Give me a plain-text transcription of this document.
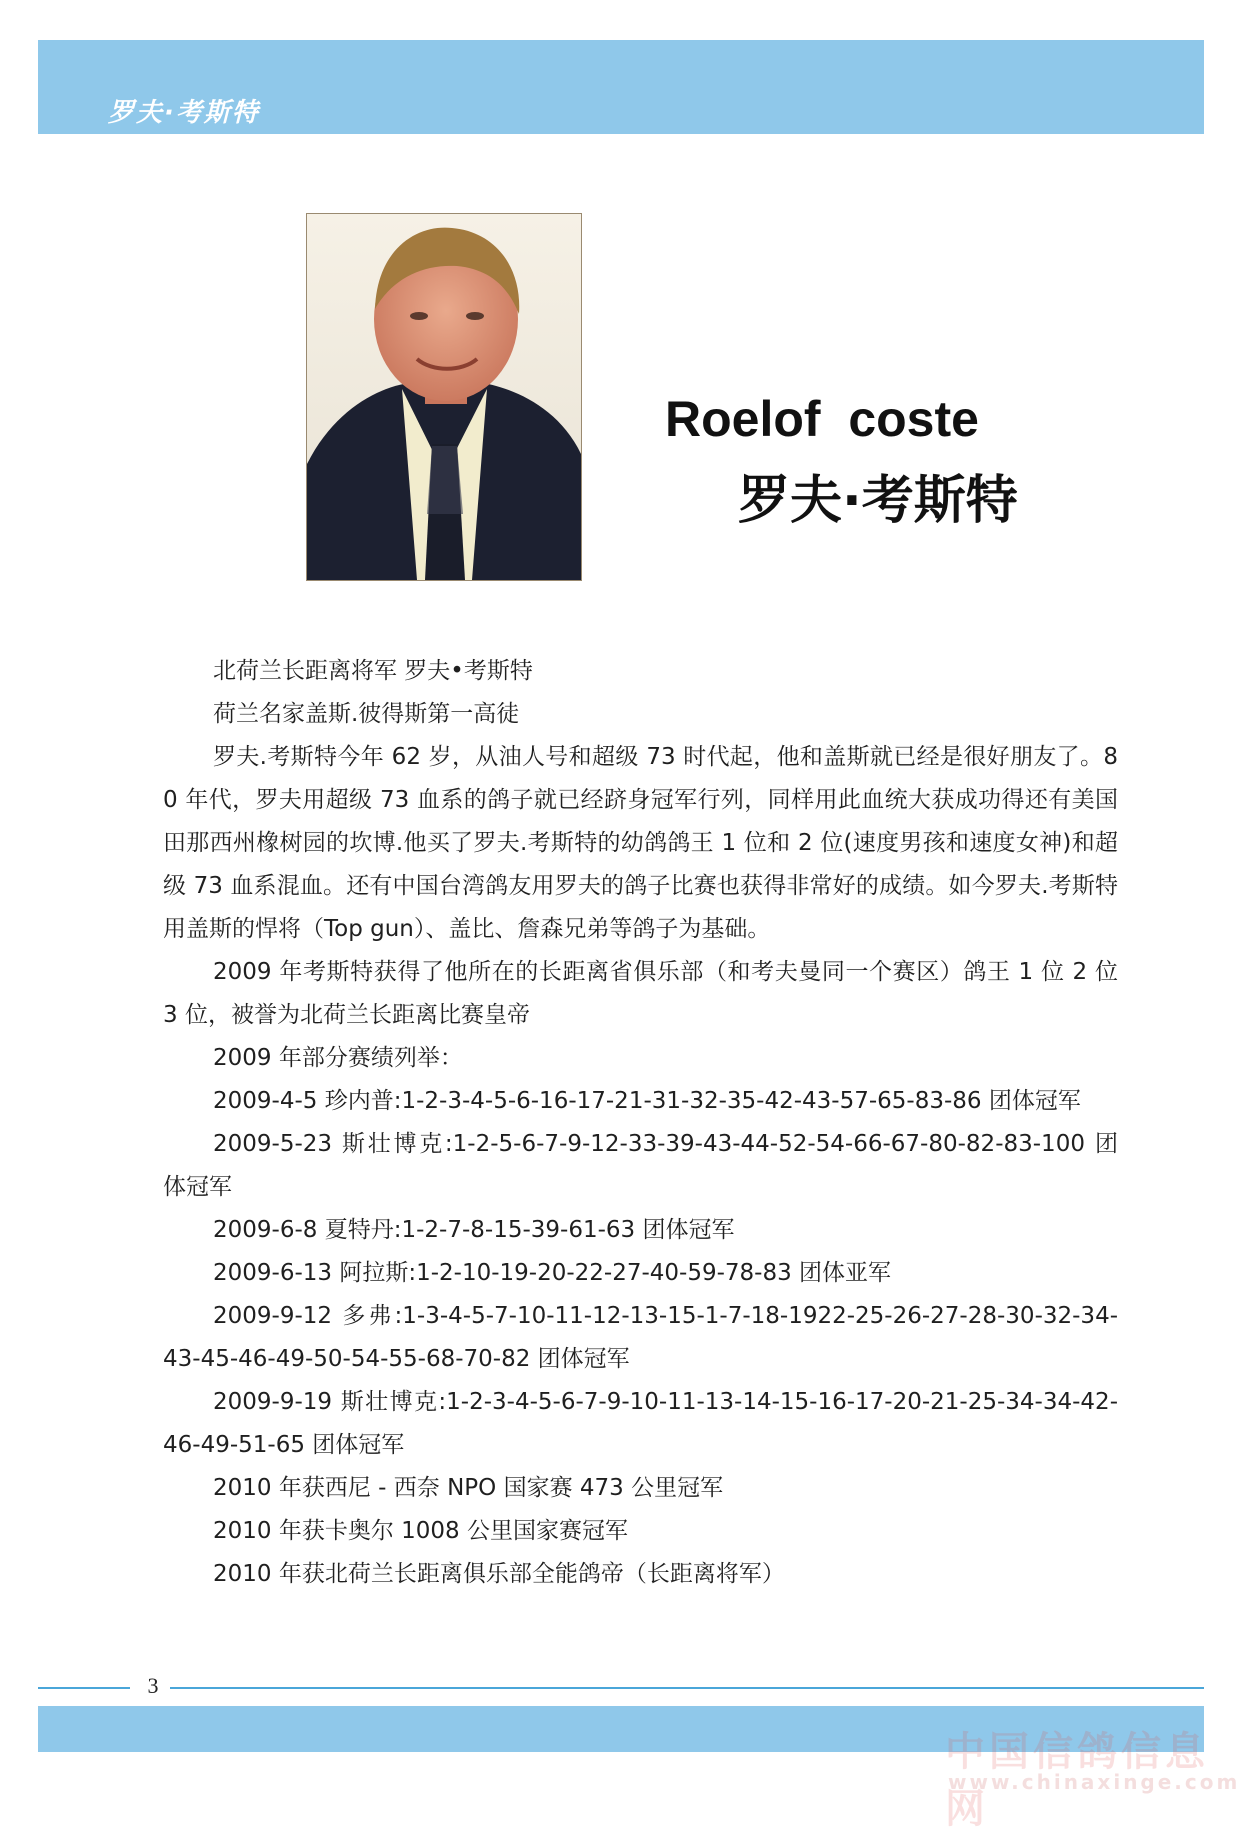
罗夫·考斯特
Roelof  coste
罗夫·考斯特

北荷兰长距离将军 罗夫•考斯特

荷兰名家盖斯.彼得斯第一高徒

罗夫.考斯特今年 62 岁，从油人号和超级 73 时代起，他和盖斯就已经是很好朋友了。80 年代，罗夫用超级 73 血系的鸽子就已经跻身冠军行列，同样用此血统大获成功得还有美国田那西州橡树园的坎博.他买了罗夫.考斯特的幼鸽鸽王 1 位和 2 位(速度男孩和速度女神)和超级 73 血系混血。还有中国台湾鸽友用罗夫的鸽子比赛也获得非常好的成绩。如今罗夫.考斯特用盖斯的悍将（Top gun）、盖比、詹森兄弟等鸽子为基础。

2009 年考斯特获得了他所在的长距离省俱乐部（和考夫曼同一个赛区）鸽王 1 位 2 位 3 位，被誉为北荷兰长距离比赛皇帝

2009 年部分赛绩列举：

2009-4-5 珍内普:1-2-3-4-5-6-16-17-21-31-32-35-42-43-57-65-83-86 团体冠军

2009-5-23 斯壮博克:1-2-5-6-7-9-12-33-39-43-44-52-54-66-67-80-82-83-100 团体冠军

2009-6-8 夏特丹:1-2-7-8-15-39-61-63 团体冠军

2009-6-13 阿拉斯:1-2-10-19-20-22-27-40-59-78-83 团体亚军

2009-9-12 多弗:1-3-4-5-7-10-11-12-13-15-1-7-18-1922-25-26-27-28-30-32-34-43-45-46-49-50-54-55-68-70-82 团体冠军

2009-9-19 斯壮博克:1-2-3-4-5-6-7-9-10-11-13-14-15-16-17-20-21-25-34-34-42-46-49-51-65 团体冠军

2010 年获西尼 - 西奈 NPO 国家赛 473 公里冠军

2010 年获卡奥尔 1008 公里国家赛冠军

2010 年获北荷兰长距离俱乐部全能鸽帝（长距离将军）

3
中国信鸽信息网
www.chinaxinge.com
